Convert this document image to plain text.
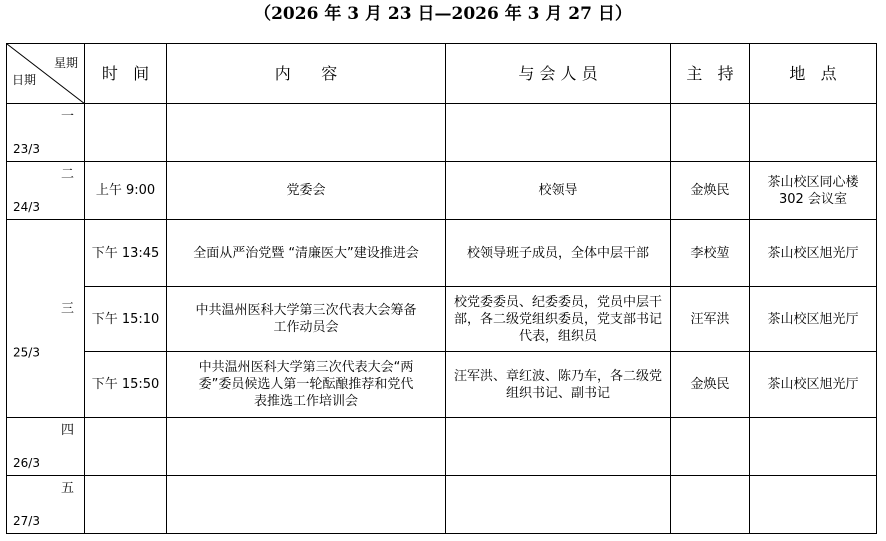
（2026 年 3 月 23 日—2026 年 3 月 27 日）
星期
日期	时   间	内      容	与 会 人 员	主   持	地   点

一
23/3					

二
24/3	上午 9:00	党委会	校领导	金焕民	茶山校区同心楼 302 会议室

三
25/3	下午 13:45	全面从严治党暨 “清廉医大”建设推进会	校领导班子成员，全体中层干部	李校堃	茶山校区旭光厅
	下午 15:10	中共温州医科大学第三次代表大会筹备工作动员会	校党委委员、纪委委员，党员中层干部，各二级党组织委员，党支部书记代表，组织员	汪军洪	茶山校区旭光厅
	下午 15:50	中共温州医科大学第三次代表大会“两委”委员候选人第一轮酝酿推荐和党代表推选工作培训会	汪军洪、章红波、陈乃车，各二级党组织书记、副书记	金焕民	茶山校区旭光厅

四
26/3					

五
27/3					
